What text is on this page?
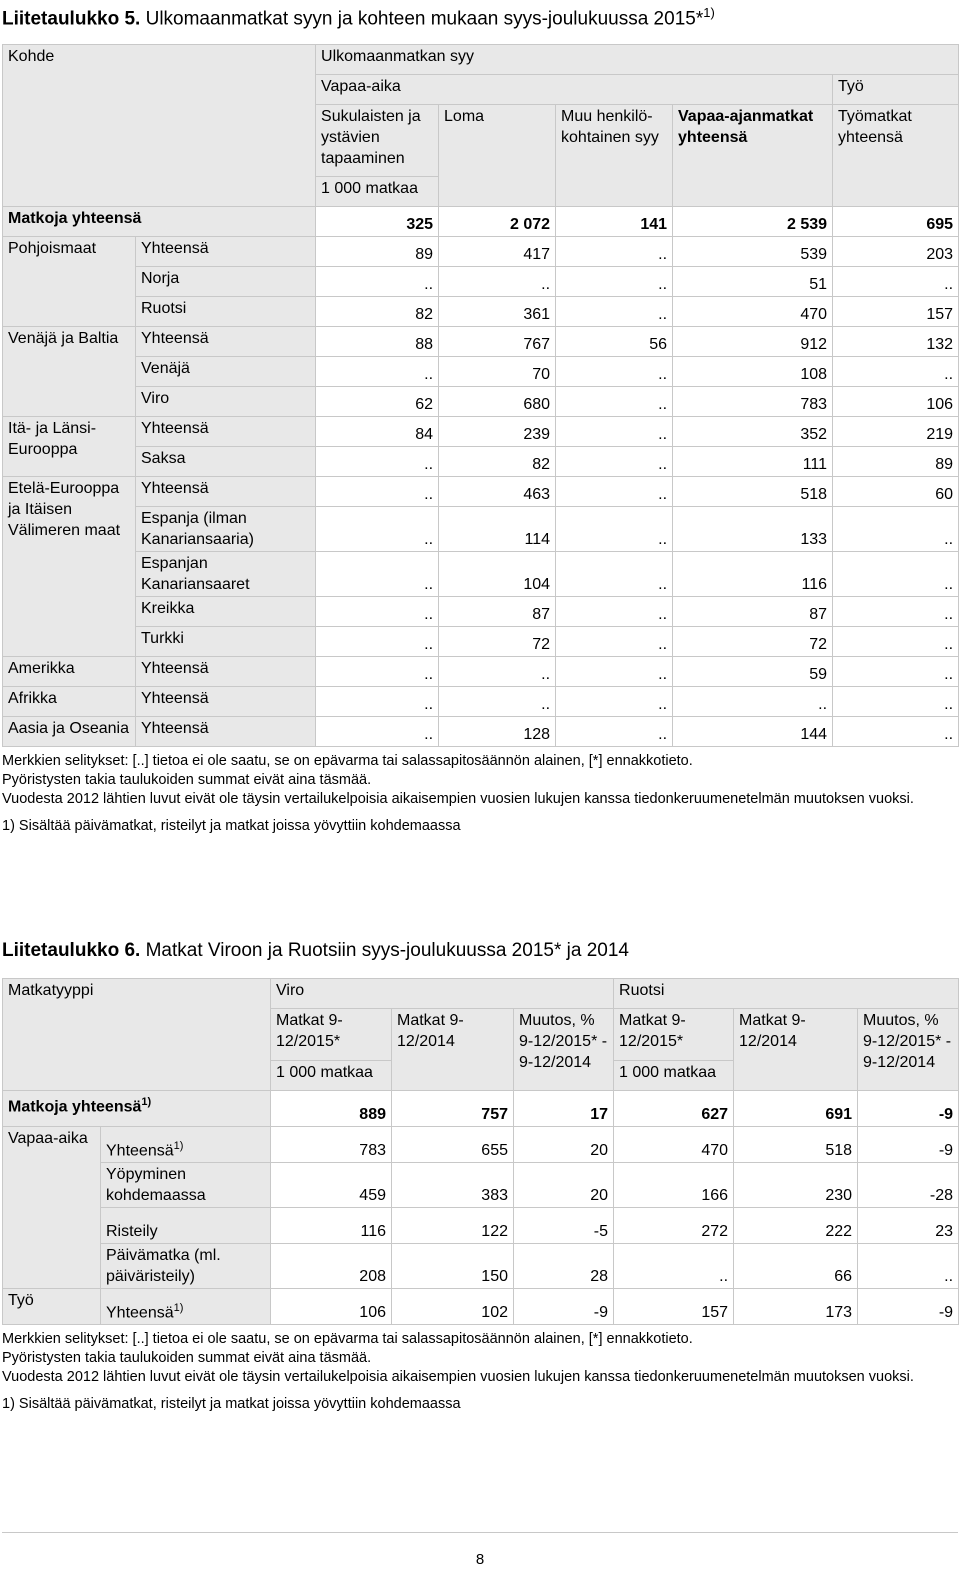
Liitetaulukko 5. Ulkomaanmatkat syyn ja kohteen mukaan syys-joulukuussa 2015*$^{1)}$
Kohde		Ulkomaanmatkan syy				
		Vapaa-aika				Työ
		Sukulaisten ja ystävien tapaaminen	Loma	Muu henkilö-kohtainen syy	Vapaa-ajanmatkat yhteensä	Työmatkat yhteensä
		1 000 matkaa				
Matkoja yhteensä		325	2 072	141	2 539	695
Pohjoismaat	Yhteensä	89	417	..	539	203
	Norja	..	..	..	51	..
	Ruotsi	82	361	..	470	157
Venäjä ja Baltia	Yhteensä	88	767	56	912	132
	Venäjä	..	70	..	108	..
	Viro	62	680	..	783	106
Itä- ja Länsi-Eurooppa	Yhteensä	84	239	..	352	219
	Saksa	..	82	..	111	89
Etelä-Eurooppa ja Itäisen Välimeren maat	Yhteensä	..	463	..	518	60
	Espanja (ilman Kanariansaaria)	..	114	..	133	..
	Espanjan Kanariansaaret	..	104	..	116	..
	Kreikka	..	87	..	87	..
	Turkki	..	72	..	72	..
Amerikka	Yhteensä	..	..	..	59	..
Afrikka	Yhteensä	..	..	..	..	..
Aasia ja Oseania	Yhteensä	..	128	..	144	..

Merkkien selitykset: [..] tietoa ei ole saatu, se on epävarma tai salassapitosäännön alainen, [*] ennakkotieto.

Pyöristysten takia taulukoiden summat eivät aina täsmää.

Vuodesta 2012 lähtien luvut eivät ole täysin vertailukelpoisia aikaisempien vuosien lukujen kanssa tiedonkeruumenetelmän muutoksen vuoksi.

1) Sisältää päivämatkat, risteilyt ja matkat joissa yövyttiin kohdemaassa

Liitetaulukko 6. Matkat Viroon ja Ruotsiin syys-joulukuussa 2015* ja 2014
Matkatyyppi		Viro			Ruotsi		
		Matkat 9-12/2015*	Matkat 9-12/2014	Muutos, % 9-12/2015* - 9-12/2014	Matkat 9-12/2015*	Matkat 9-12/2014	Muutos, % 9-12/2015* - 9-12/2014
		1 000 matkaa			1 000 matkaa		
Matkoja yhteensä$^{1)}$		889	757	17	627	691	-9
Vapaa-aika	Yhteensä$^{1)}$	783	655	20	470	518	-9
	Yöpyminen kohdemaassa	459	383	20	166	230	-28
	Risteily	116	122	-5	272	222	23
	Päivämatka (ml. päiväristeily)	208	150	28	..	66	..
Työ	Yhteensä$^{1)}$	106	102	-9	157	173	-9

Merkkien selitykset: [..] tietoa ei ole saatu, se on epävarma tai salassapitosäännön alainen, [*] ennakkotieto.

Pyöristysten takia taulukoiden summat eivät aina täsmää.

Vuodesta 2012 lähtien luvut eivät ole täysin vertailukelpoisia aikaisempien vuosien lukujen kanssa tiedonkeruumenetelmän muutoksen vuoksi.

1) Sisältää päivämatkat, risteilyt ja matkat joissa yövyttiin kohdemaassa

8
